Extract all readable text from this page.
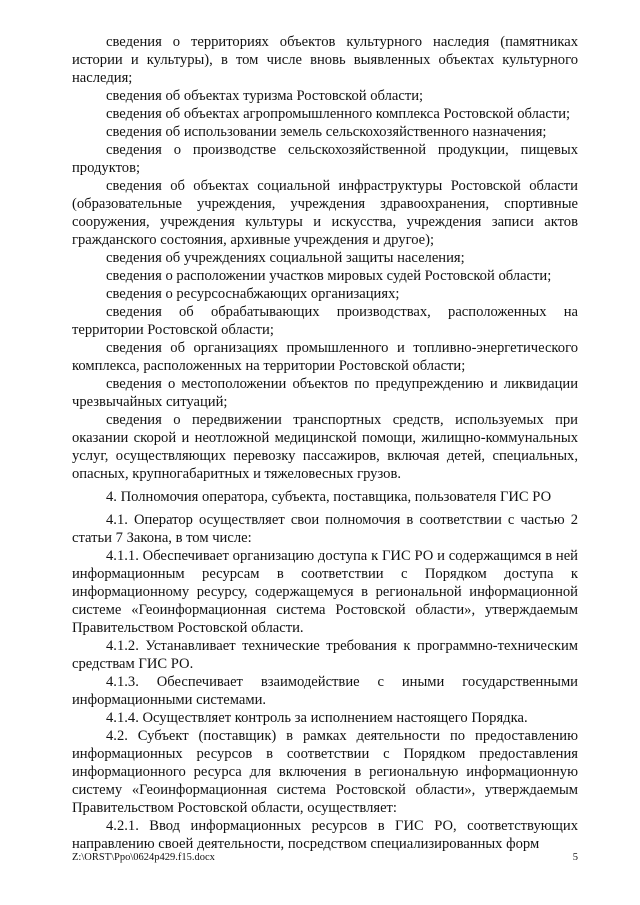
сведения о территориях объектов культурного наследия (памятниках истории и культуры), в том числе вновь выявленных объектах культурного наследия;

сведения об объектах туризма Ростовской области;

сведения об объектах агропромышленного комплекса Ростовской области;

сведения об использовании земель сельскохозяйственного назначения;

сведения о производстве сельскохозяйственной продукции, пищевых продуктов;

сведения об объектах социальной инфраструктуры Ростовской области (образовательные учреждения, учреждения здравоохранения, спортивные сооружения, учреждения культуры и искусства, учреждения записи актов гражданского состояния, архивные учреждения и другое);

сведения об учреждениях социальной защиты населения;

сведения о расположении участков мировых судей Ростовской области;

сведения о ресурсоснабжающих организациях;

сведения об обрабатывающих производствах, расположенных на территории Ростовской области;

сведения об организациях промышленного и топливно-энергетического комплекса, расположенных на территории Ростовской области;

сведения о местоположении объектов по предупреждению и ликвидации чрезвычайных ситуаций;

сведения о передвижении транспортных средств, используемых при оказании скорой и неотложной медицинской помощи, жилищно-коммунальных услуг, осуществляющих перевозку пассажиров, включая детей, специальных, опасных, крупногабаритных и тяжеловесных грузов.

4. Полномочия оператора, субъекта, поставщика, пользователя ГИС РО

4.1. Оператор осуществляет свои полномочия в соответствии с частью 2 статьи 7 Закона, в том числе:

4.1.1. Обеспечивает организацию доступа к ГИС РО и содержащимся в ней информационным ресурсам в соответствии с Порядком доступа к информационному ресурсу, содержащемуся в региональной информационной системе «Геоинформационная система Ростовской области», утверждаемым Правительством Ростовской области.

4.1.2. Устанавливает технические требования к программно-техническим средствам ГИС РО.

4.1.3. Обеспечивает взаимодействие с иными государственными информационными системами.

4.1.4. Осуществляет контроль за исполнением настоящего Порядка.

4.2. Субъект (поставщик) в рамках деятельности по предоставлению информационных ресурсов в соответствии с Порядком предоставления информационного ресурса для включения в региональную информационную систему «Геоинформационная система Ростовской области», утверждаемым Правительством Ростовской области, осуществляет:

4.2.1. Ввод информационных ресурсов в ГИС РО, соответствующих направлению своей деятельности, посредством специализированных форм

Z:\ORST\Ppo\0624p429.f15.docx	5
